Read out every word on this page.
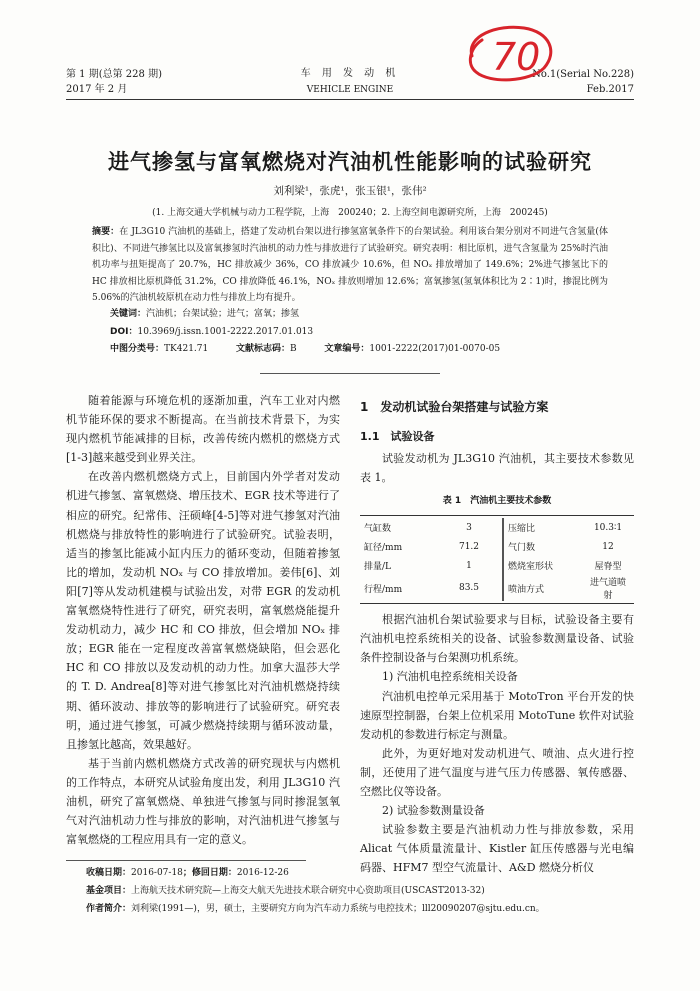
第 1 期(总第 228 期)
2017 年 2 月
车 用 发 动 机
VEHICLE ENGINE
No.1(Serial No.228)
Feb.2017
70
进气掺氢与富氧燃烧对汽油机性能影响的试验研究
刘利梁¹，张虎¹，张玉银¹，张伟²
(1. 上海交通大学机械与动力工程学院，上海　200240；2. 上海空间电源研究所，上海　200245)
摘要：在 JL3G10 汽油机的基础上，搭建了发动机台架以进行掺氢富氧条件下的台架试验。利用该台架分别对不同进气含氢量(体积比)、不同进气掺氢比以及富氧掺氢时汽油机的动力性与排放进行了试验研究。研究表明：相比原机，进气含氢量为 25%时汽油机功率与扭矩提高了 20.7%，HC 排放减少 36%，CO 排放减少 10.6%，但 NOₓ 排放增加了 149.6%；2%进气掺氢比下的 HC 排放相比原机降低 31.2%，CO 排放降低 46.1%，NOₓ 排放则增加 12.6%；富氧掺氢(氢氧体积比为 2∶1)时，掺混比例为 5.06%的汽油机较原机在动力性与排放上均有提升。
关键词：汽油机；台架试验；进气；富氧；掺氢
DOI：10.3969/j.issn.1001-2222.2017.01.013
中图分类号：TK421.71	文献标志码：B	文章编号：1001-2222(2017)01-0070-05

随着能源与环境危机的逐渐加重，汽车工业对内燃机节能环保的要求不断提高。在当前技术背景下，为实现内燃机节能减排的目标，改善传统内燃机的燃烧方式[1-3]越来越受到业界关注。

在改善内燃机燃烧方式上，目前国内外学者对发动机进气掺氢、富氧燃烧、增压技术、EGR 技术等进行了相应的研究。纪常伟、汪硕峰[4-5]等对进气掺氢对汽油机燃烧与排放特性的影响进行了试验研究。试验表明，适当的掺氢比能减小缸内压力的循环变动，但随着掺氢比的增加，发动机 NOₓ 与 CO 排放增加。姜伟[6]、刘阳[7]等从发动机建模与试验出发，对带 EGR 的发动机富氧燃烧特性进行了研究，研究表明，富氧燃烧能提升发动机动力，减少 HC 和 CO 排放，但会增加 NOₓ 排放；EGR 能在一定程度改善富氧燃烧缺陷，但会恶化 HC 和 CO 排放以及发动机的动力性。加拿大温莎大学的 T. D. Andrea[8]等对进气掺氢比对汽油机燃烧持续期、循环波动、排放等的影响进行了试验研究。研究表明，通过进气掺氢，可减少燃烧持续期与循环波动量，且掺氢比越高，效果越好。

基于当前内燃机燃烧方式改善的研究现状与内燃机的工作特点，本研究从试验角度出发，利用 JL3G10 汽油机，研究了富氧燃烧、单独进气掺氢与同时掺混氢氧气对汽油机动力性与排放的影响，对汽油机进气掺氢与富氧燃烧的工程应用具有一定的意义。

1　发动机试验台架搭建与试验方案
1.1　试验设备

试验发动机为 JL3G10 汽油机，其主要技术参数见表 1。

表 1　汽油机主要技术参数
气缸数	3	压缩比	10.3∶1
缸径/mm	71.2	气门数	12
排量/L	1	燃烧室形状	屋脊型
行程/mm	83.5	喷油方式	进气道喷射

根据汽油机台架试验要求与目标，试验设备主要有汽油机电控系统相关的设备、试验参数测量设备、试验条件控制设备与台架测功机系统。

1) 汽油机电控系统相关设备

汽油机电控单元采用基于 MotoTron 平台开发的快速原型控制器，台架上位机采用 MotoTune 软件对试验发动机的参数进行标定与测量。

此外，为更好地对发动机进气、喷油、点火进行控制，还使用了进气温度与进气压力传感器、氧传感器、空燃比仪等设备。

2) 试验参数测量设备

试验参数主要是汽油机动力性与排放参数，采用 Alicat 气体质量流量计、Kistler 缸压传感器与光电编码器、HFM7 型空气流量计、A&D 燃烧分析仪

收稿日期：2016-07-18；修回日期：2016-12-26
基金项目：上海航天技术研究院—上海交大航天先进技术联合研究中心资助项目(USCAST2013-32)
作者简介：刘利梁(1991—)，男，硕士，主要研究方向为汽车动力系统与电控技术；lll20090207@sjtu.edu.cn。
